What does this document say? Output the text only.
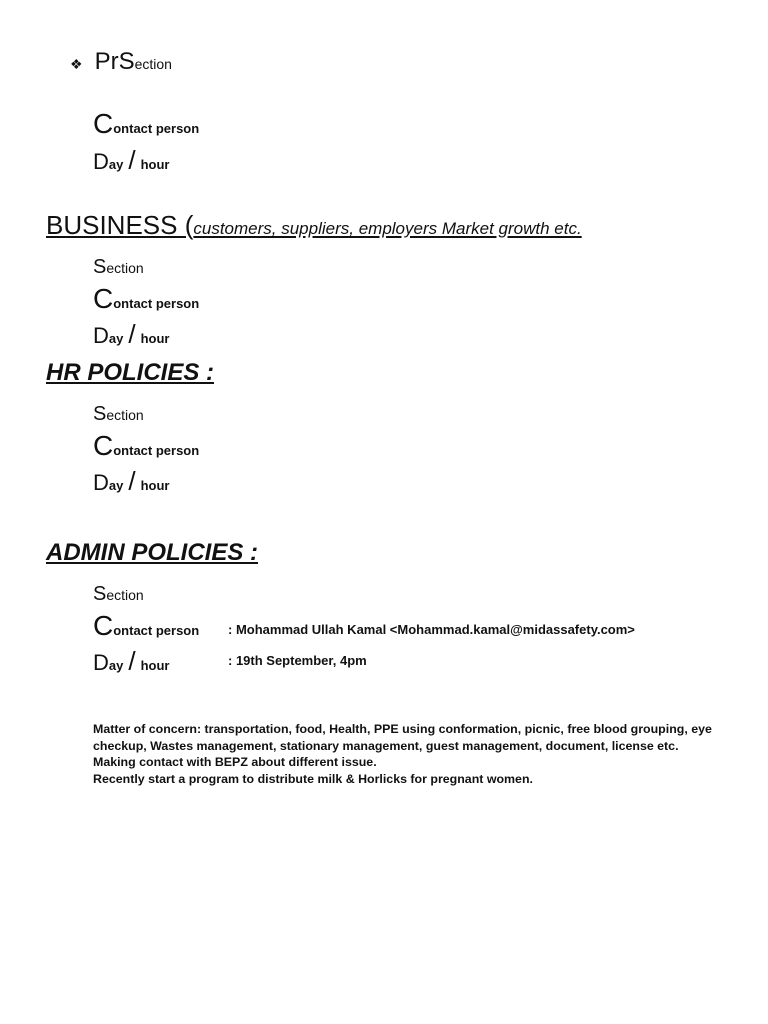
❖ Pr S ection
C ontact person
D ay / hour
BUSINESS (customers, suppliers, employers Market growth etc.
S ection
C ontact person
D ay / hour
HR POLICIES :
S ection
C ontact person
D ay / hour
ADMIN POLICIES :
S ection
C ontact person : Mohammad Ullah Kamal <Mohammad.kamal@midassafety.com>
D ay / hour	: 19th September, 4pm
Matter of concern: transportation, food, Health, PPE using conformation, picnic, free blood grouping, eye checkup, Wastes management, stationary management, guest management, document, license etc.
Making contact with BEPZ about different issue.
Recently start a program to distribute milk & Horlicks for pregnant women.
